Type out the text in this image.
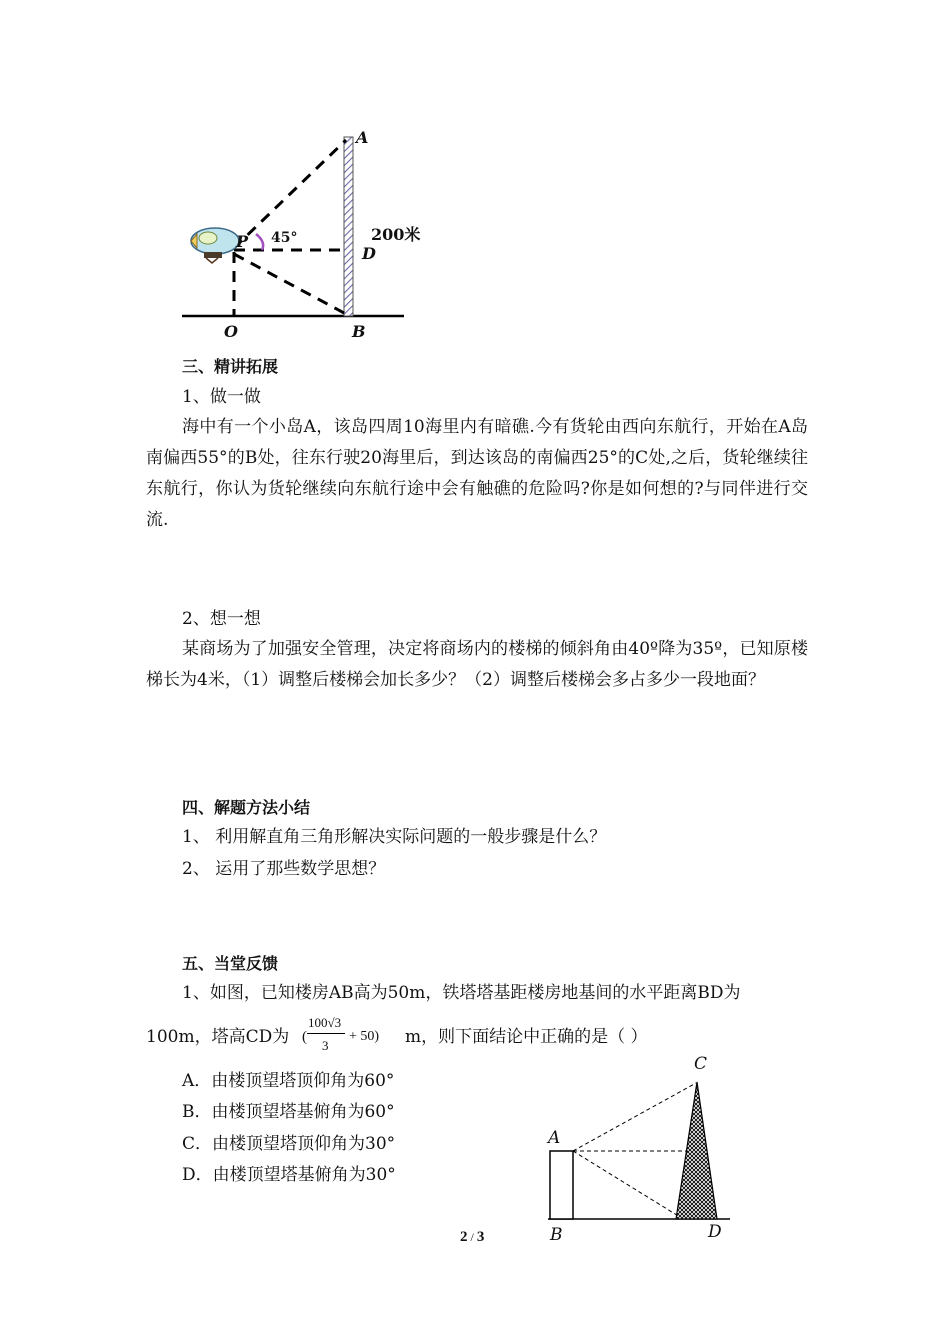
A
200米
D
P 45°
O	B
三、精讲拓展
1、做一做
海中有一个小岛A，该岛四周10海里内有暗礁.今有货轮由西向东航行，开始在A岛南偏西55°的B处，往东行驶20海里后，到达该岛的南偏西25°的C处,之后，货轮继续往东航行，你认为货轮继续向东航行途中会有触礁的危险吗?你是如何想的?与同伴进行交流.
2、想一想
某商场为了加强安全管理，决定将商场内的楼梯的倾斜角由40º降为35º，已知原楼梯长为4米，（1）调整后楼梯会加长多少？（2）调整后楼梯会多占多少一段地面？
四、解题方法小结
1、 利用解直角三角形解决实际问题的一般步骤是什么？
2、 运用了那些数学思想？
五、当堂反馈
1、如图，已知楼房AB高为50m，铁塔塔基距楼房地基间的水平距离BD为
100m，塔高CD为 (
100√3
3
+ 50) m，则下面结论中正确的是（ ）
A．由楼顶望塔顶仰角为60°
B．由楼顶望塔基俯角为60°
C．由楼顶望塔顶仰角为30°
D．由楼顶望塔基俯角为30°
C
A
B	D
2 / 3
